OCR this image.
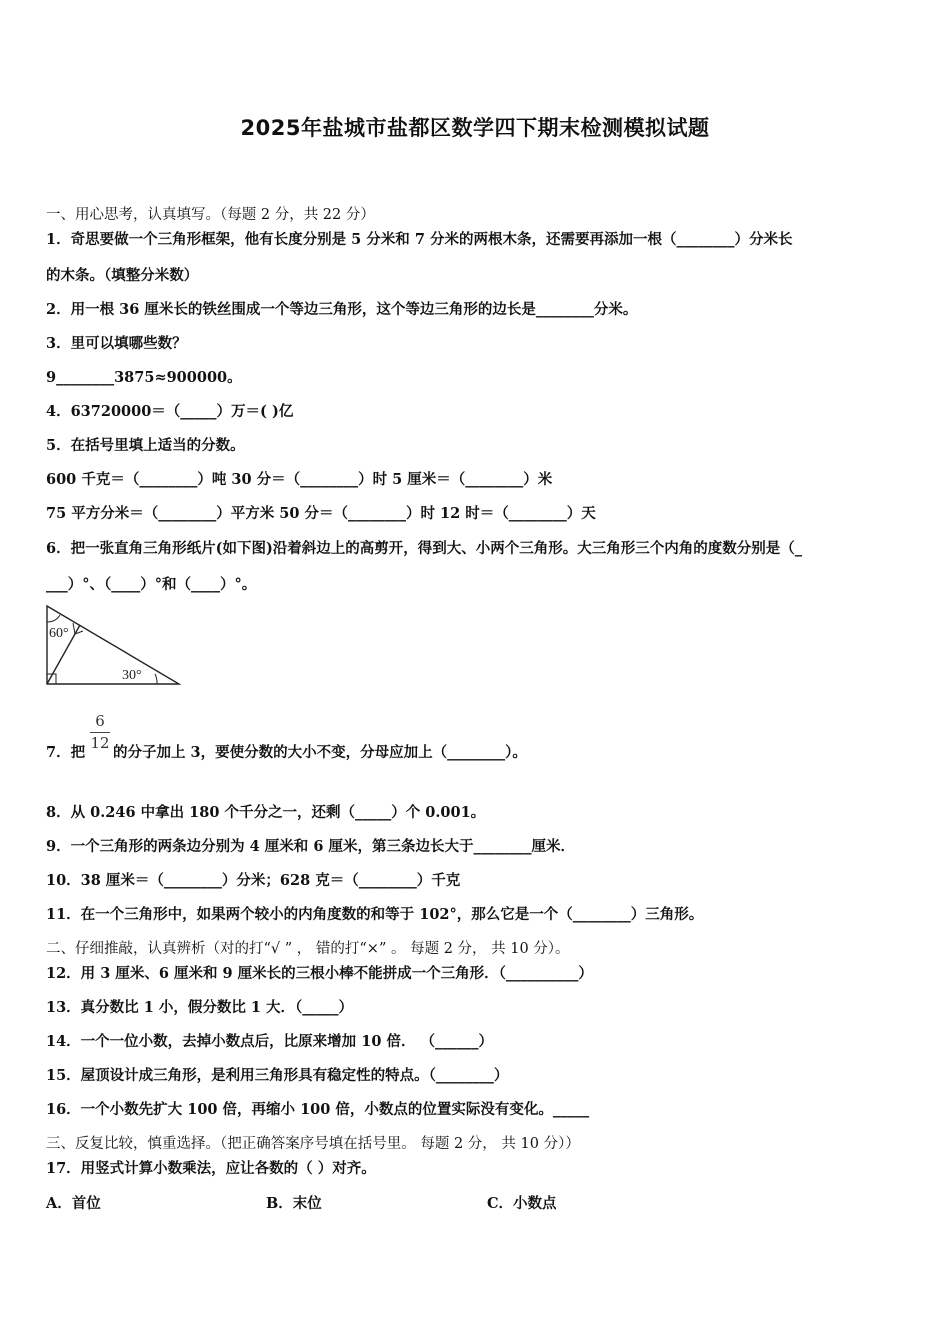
2025年盐城市盐都区数学四下期末检测模拟试题
一、用心思考，认真填写。（每题 2 分，共 22 分）
1．奇思要做一个三角形框架，他有长度分别是 5 分米和 7 分米的两根木条，还需要再添加一根（________）分米长
的木条。（填整分米数）
2．用一根 36 厘米长的铁丝围成一个等边三角形，这个等边三角形的边长是________分米。
3．里可以填哪些数？
9________3875≈900000。
4．63720000＝（_____）万＝( )亿
5．在括号里填上适当的分数。
600 千克＝（________）吨 30 分＝（________）时 5 厘米＝（________）米
75 平方分米＝（________）平方米 50 分＝（________）时 12 时＝（________）天
6．把一张直角三角形纸片(如下图)沿着斜边上的高剪开，得到大、小两个三角形。大三角形三个内角的度数分别是（_
___）°、（____）°和（____）°。
60°
30°
7．把
6
12
的分子加上 3，要使分数的大小不变，分母应加上（________）。
8．从 0.246 中拿出 180 个千分之一，还剩（_____）个 0.001。
9．一个三角形的两条边分别为 4 厘米和 6 厘米，第三条边长大于________厘米．
10．38 厘米＝（________）分米；628 克＝（________）千克
11．在一个三角形中，如果两个较小的内角度数的和等于 102°，那么它是一个（________）三角形。
二、仔细推敲，认真辨析（对的打“√ ” ， 错的打“×” 。 每题 2 分， 共 10 分）。
12．用 3 厘米、6 厘米和 9 厘米长的三根小棒不能拼成一个三角形．（__________）
13．真分数比 1 小，假分数比 1 大．（_____）
14．一个一位小数，去掉小数点后，比原来增加 10 倍． （______）
15．屋顶设计成三角形，是利用三角形具有稳定性的特点。（________）
16．一个小数先扩大 100 倍，再缩小 100 倍，小数点的位置实际没有变化。_____
三、反复比较，慎重选择。（把正确答案序号填在括号里。 每题 2 分， 共 10 分））
17．用竖式计算小数乘法，应让各数的（ ）对齐。
A．首位	B．末位	C．小数点
